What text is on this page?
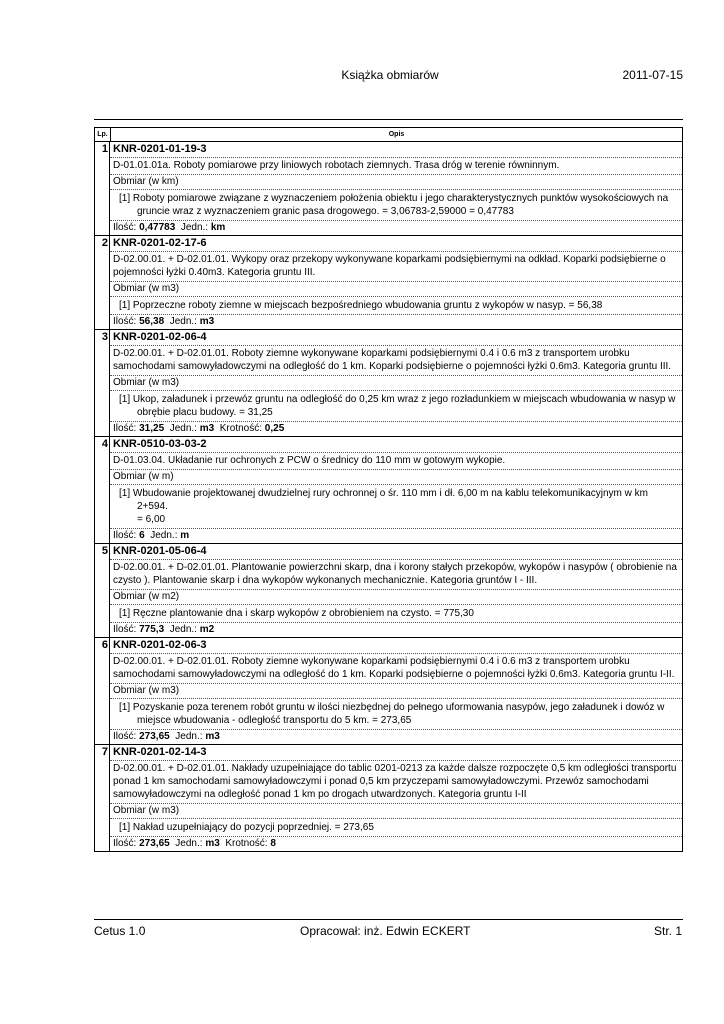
Książka obmiarów	2011-07-15
Lp.	Opis
1 KNR-0201-01-19-3
D-01.01.01a. Roboty pomiarowe przy liniowych robotach ziemnych. Trasa dróg w terenie równinnym.
Obmiar (w km)
[1] Roboty pomiarowe związane z wyznaczeniem położenia obiektu i jego charakterystycznych punktów wysokościowych na gruncie wraz z wyznaczeniem granic pasa drogowego. = 3,06783-2,59000 = 0,47783
Ilość: 0,47783 Jedn.: km
2 KNR-0201-02-17-6
D-02.00.01. + D-02.01.01. Wykopy oraz przekopy wykonywane koparkami podsiębiernymi na odkład. Koparki podsiębierne o pojemności łyżki 0.40m3. Kategoria gruntu III.
Obmiar (w m3)
[1] Poprzeczne roboty ziemne w miejscach bezpośredniego wbudowania gruntu z wykopów w nasyp. = 56,38
Ilość: 56,38 Jedn.: m3
3 KNR-0201-02-06-4
D-02.00.01. + D-02.01.01. Roboty ziemne wykonywane koparkami podsiębiernymi 0.4 i 0.6 m3 z transportem urobku samochodami samowyładowczymi na odległość do 1 km. Koparki podsiębierne o pojemności łyżki 0.6m3. Kategoria gruntu III.
Obmiar (w m3)
[1] Ukop, załadunek i przewóz gruntu na odległość do 0,25 km wraz z jego rozładunkiem w miejscach wbudowania w nasyp w obrębie placu budowy. = 31,25
Ilość: 31,25 Jedn.: m3 Krotność: 0,25
4 KNR-0510-03-03-2
D-01.03.04. Układanie rur ochronych z PCW o średnicy do 110 mm w gotowym wykopie.
Obmiar (w m)
[1] Wbudowanie projektowanej dwudzielnej rury ochronnej o śr. 110 mm i dł. 6,00 m na kablu telekomunikacyjnym w km 2+594.
= 6,00
Ilość: 6 Jedn.: m
5 KNR-0201-05-06-4
D-02.00.01. + D-02.01.01. Plantowanie powierzchni skarp, dna i korony stałych przekopów, wykopów i nasypów ( obrobienie na czysto ). Plantowanie skarp i dna wykopów wykonanych mechanicznie. Kategoria gruntów I - III.
Obmiar (w m2)
[1] Ręczne plantowanie dna i skarp wykopów z obrobieniem na czysto. = 775,30
Ilość: 775,3 Jedn.: m2
6 KNR-0201-02-06-3
D-02.00.01. + D-02.01.01. Roboty ziemne wykonywane koparkami podsiębiernymi 0.4 i 0.6 m3 z transportem urobku samochodami samowyładowczymi na odległość do 1 km. Koparki podsiębierne o pojemności łyżki 0.6m3. Kategoria gruntu I-II.
Obmiar (w m3)
[1] Pozyskanie poza terenem robót gruntu w ilości niezbędnej do pełnego uformowania nasypów, jego załadunek i dowóz w miejsce wbudowania - odległość transportu do 5 km. = 273,65
Ilość: 273,65 Jedn.: m3
7 KNR-0201-02-14-3
D-02.00.01. + D-02.01.01. Nakłady uzupełniające do tablic 0201-0213 za każde dalsze rozpoczęte 0,5 km odległości transportu ponad 1 km samochodami samowyładowczymi i ponad 0,5 km przyczepami samowyładowczymi. Przewóz samochodami samowyładowczymi na odległość ponad 1 km po drogach utwardzonych. Kategoria gruntu I-II
Obmiar (w m3)
[1] Nakład uzupełniający do pozycji poprzedniej. = 273,65
Ilość: 273,65 Jedn.: m3 Krotność: 8
Cetus 1.0	Opracował: inż. Edwin ECKERT	Str. 1
